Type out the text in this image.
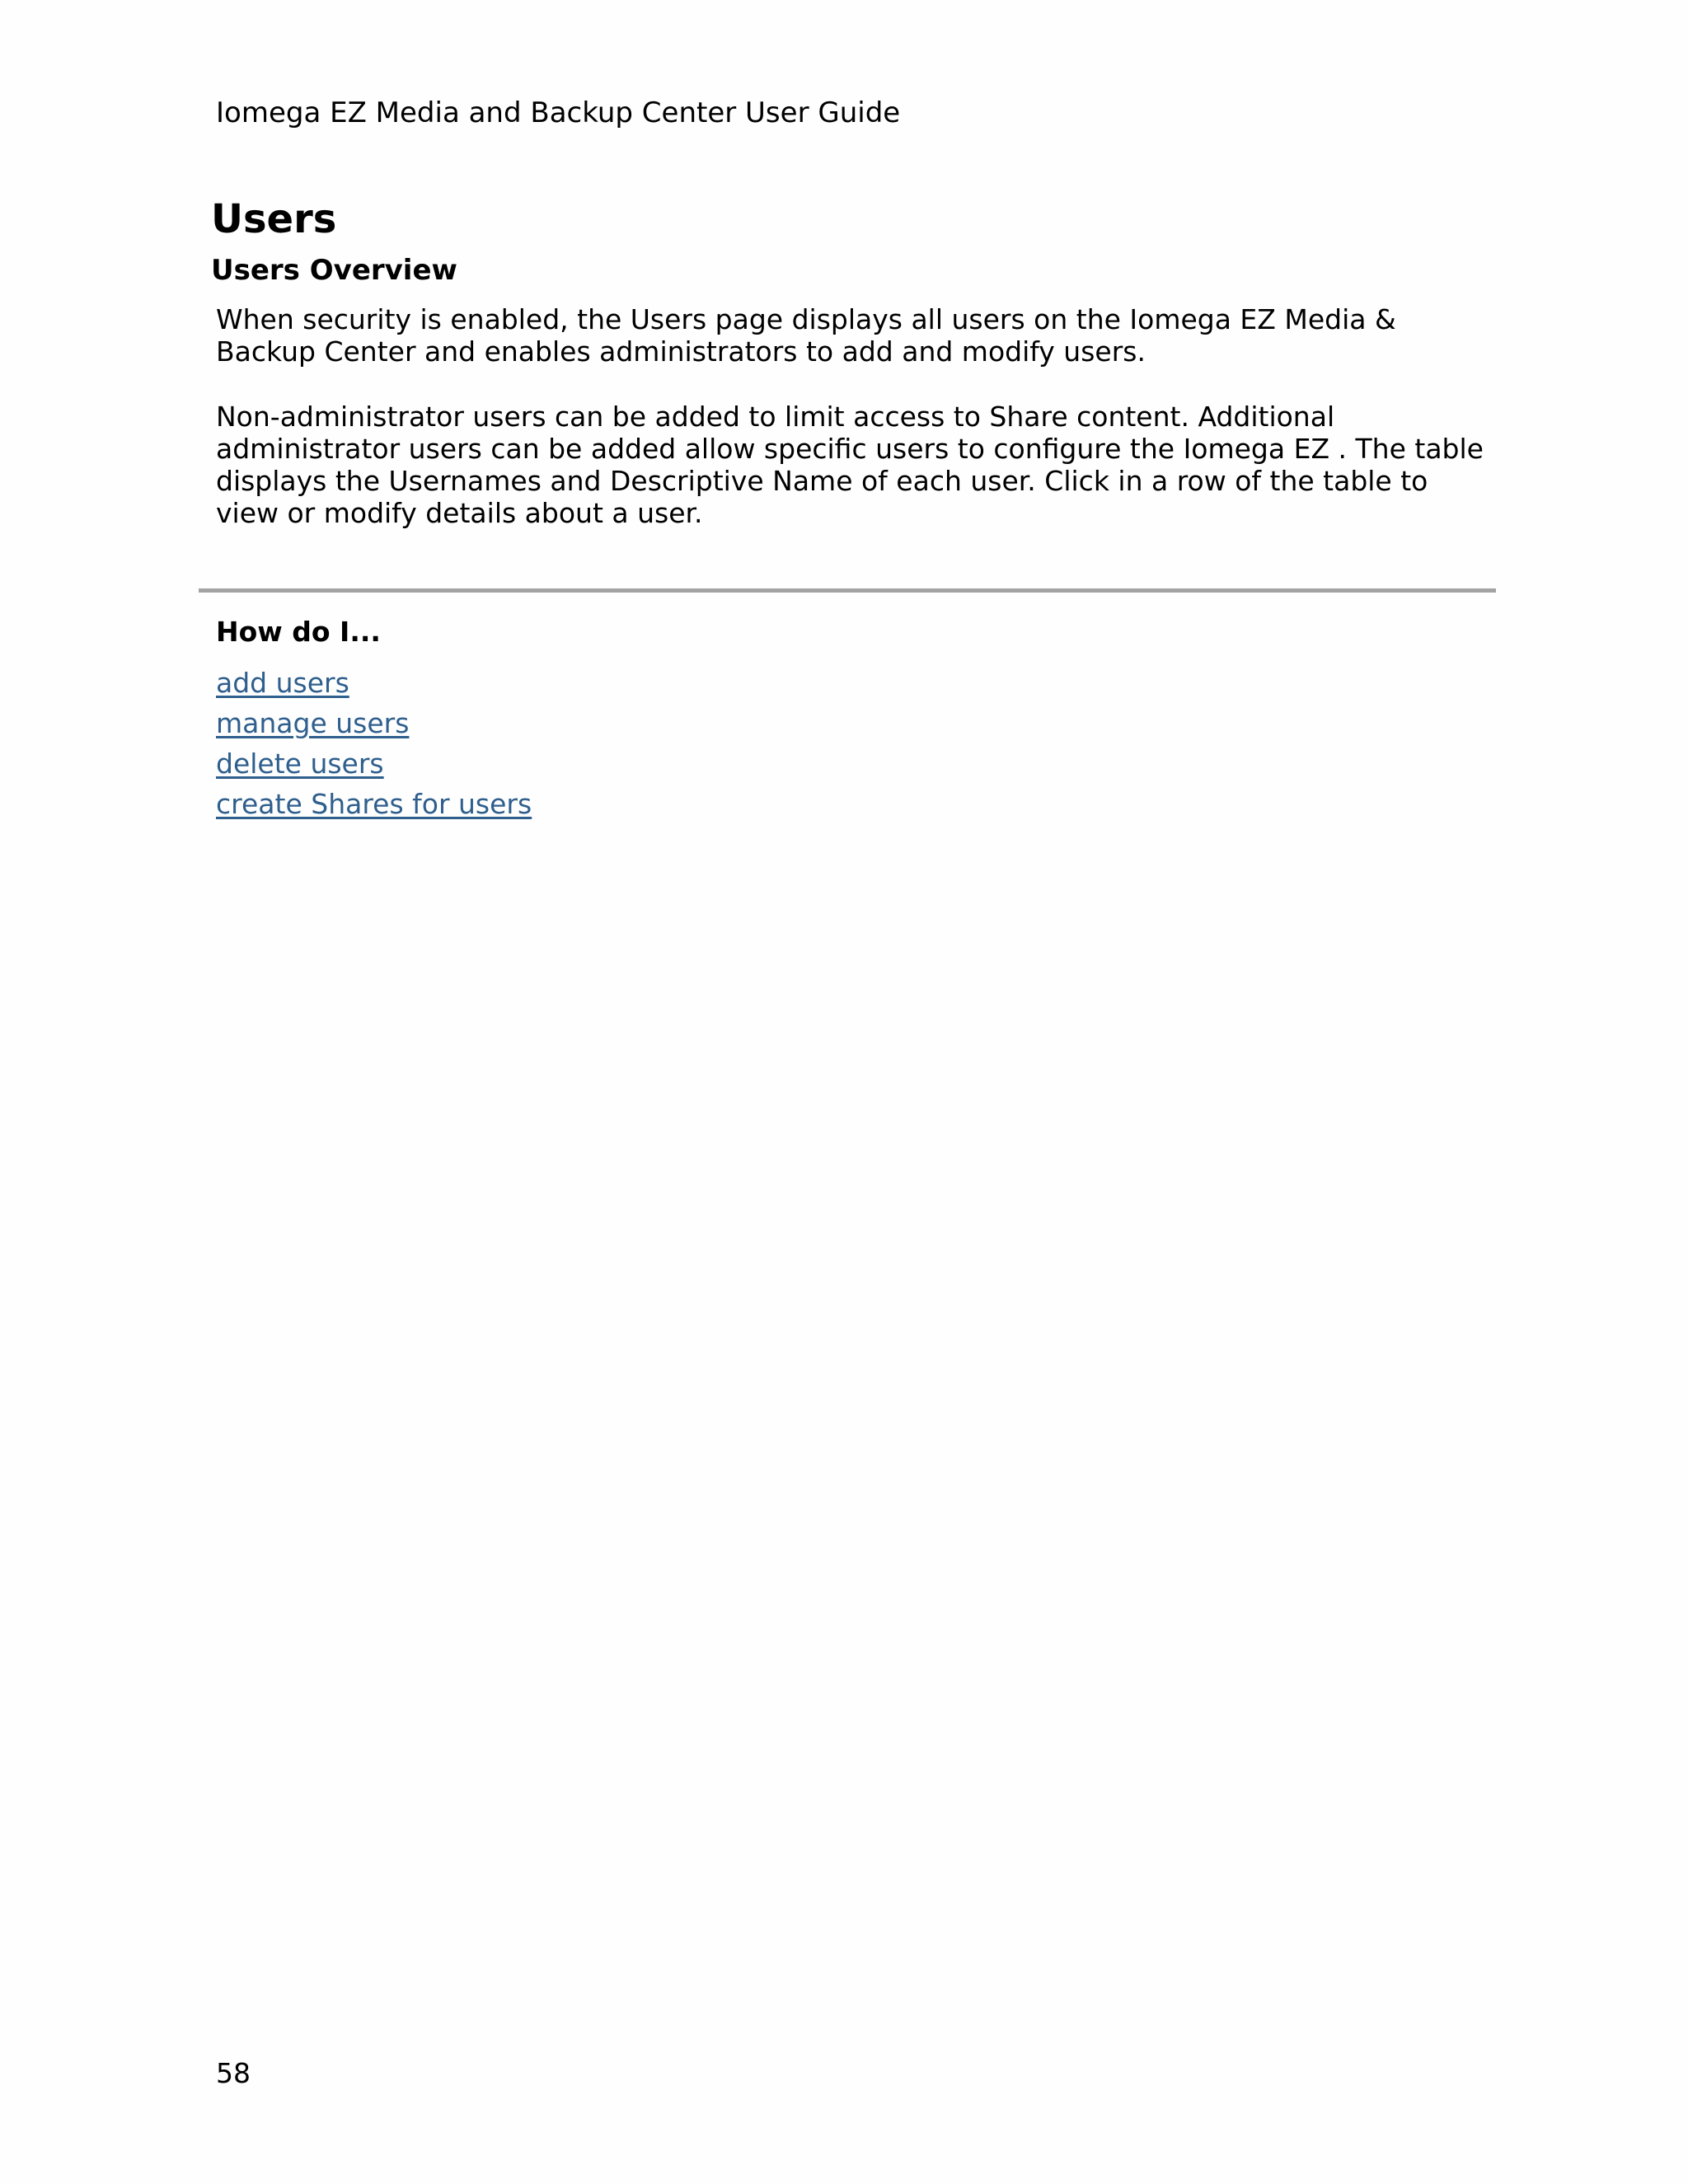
Iomega EZ Media and Backup Center User Guide
Users
Users Overview

When security is enabled, the Users page displays all users on the Iomega EZ Media & Backup Center and enables administrators to add and modify users.

Non-administrator users can be added to limit access to Share content. Additional administrator users can be added allow specific users to configure the Iomega EZ . The table displays the Usernames and Descriptive Name of each user. Click in a row of the table to view or modify details about a user.

How do I...
add users
manage users
delete users
create Shares for users
58
